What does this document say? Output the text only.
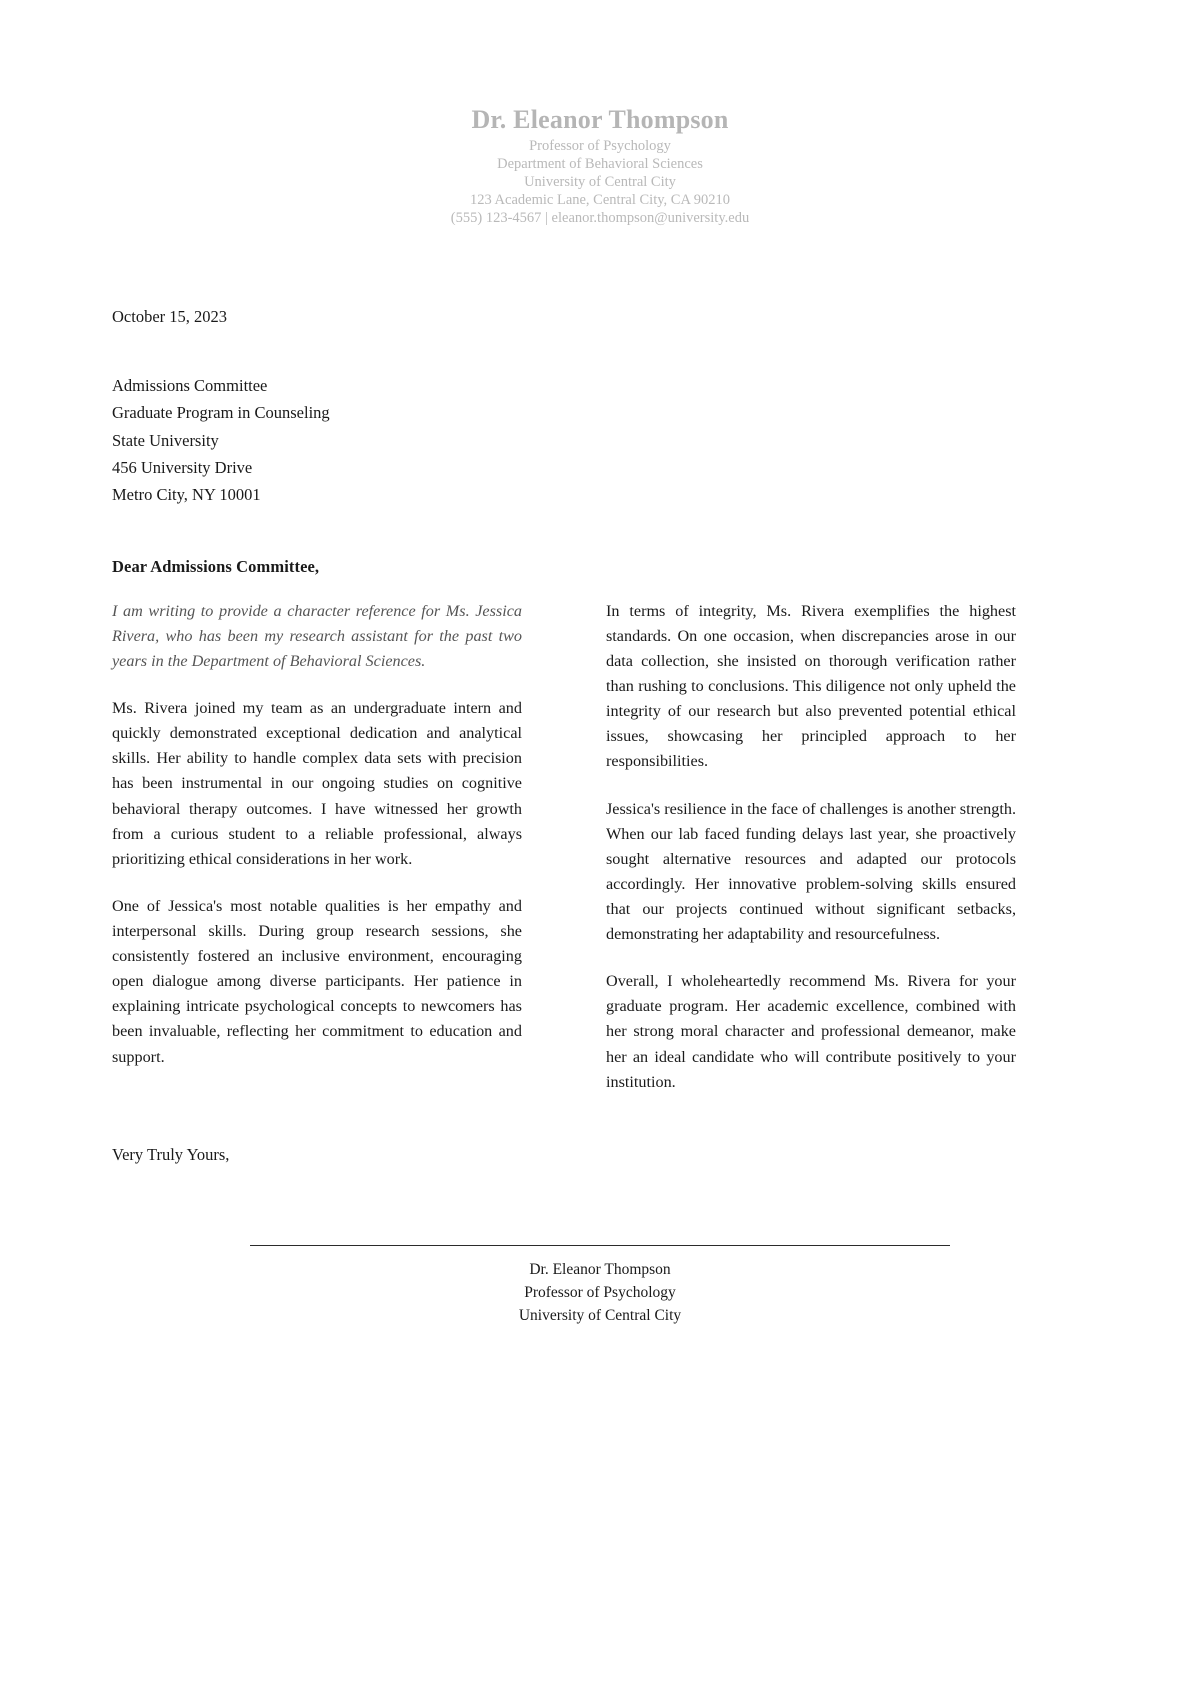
Dr. Eleanor Thompson
Professor of Psychology
Department of Behavioral Sciences
University of Central City
123 Academic Lane, Central City, CA 90210
(555) 123-4567 | eleanor.thompson@university.edu
October 15, 2023
Admissions Committee
Graduate Program in Counseling
State University
456 University Drive
Metro City, NY 10001
Dear Admissions Committee,

I am writing to provide a character reference for Ms. Jessica Rivera, who has been my research assistant for the past two years in the Department of Behavioral Sciences.

Ms. Rivera joined my team as an undergraduate intern and quickly demonstrated exceptional dedication and analytical skills. Her ability to handle complex data sets with precision has been instrumental in our ongoing studies on cognitive behavioral therapy outcomes. I have witnessed her growth from a curious student to a reliable professional, always prioritizing ethical considerations in her work.

One of Jessica's most notable qualities is her empathy and interpersonal skills. During group research sessions, she consistently fostered an inclusive environment, encouraging open dialogue among diverse participants. Her patience in explaining intricate psychological concepts to newcomers has been invaluable, reflecting her commitment to education and support.

In terms of integrity, Ms. Rivera exemplifies the highest standards. On one occasion, when discrepancies arose in our data collection, she insisted on thorough verification rather than rushing to conclusions. This diligence not only upheld the integrity of our research but also prevented potential ethical issues, showcasing her principled approach to her responsibilities.

Jessica's resilience in the face of challenges is another strength. When our lab faced funding delays last year, she proactively sought alternative resources and adapted our protocols accordingly. Her innovative problem-solving skills ensured that our projects continued without significant setbacks, demonstrating her adaptability and resourcefulness.

Overall, I wholeheartedly recommend Ms. Rivera for your graduate program. Her academic excellence, combined with her strong moral character and professional demeanor, make her an ideal candidate who will contribute positively to your institution.

Very Truly Yours,
Dr. Eleanor Thompson
Professor of Psychology
University of Central City
